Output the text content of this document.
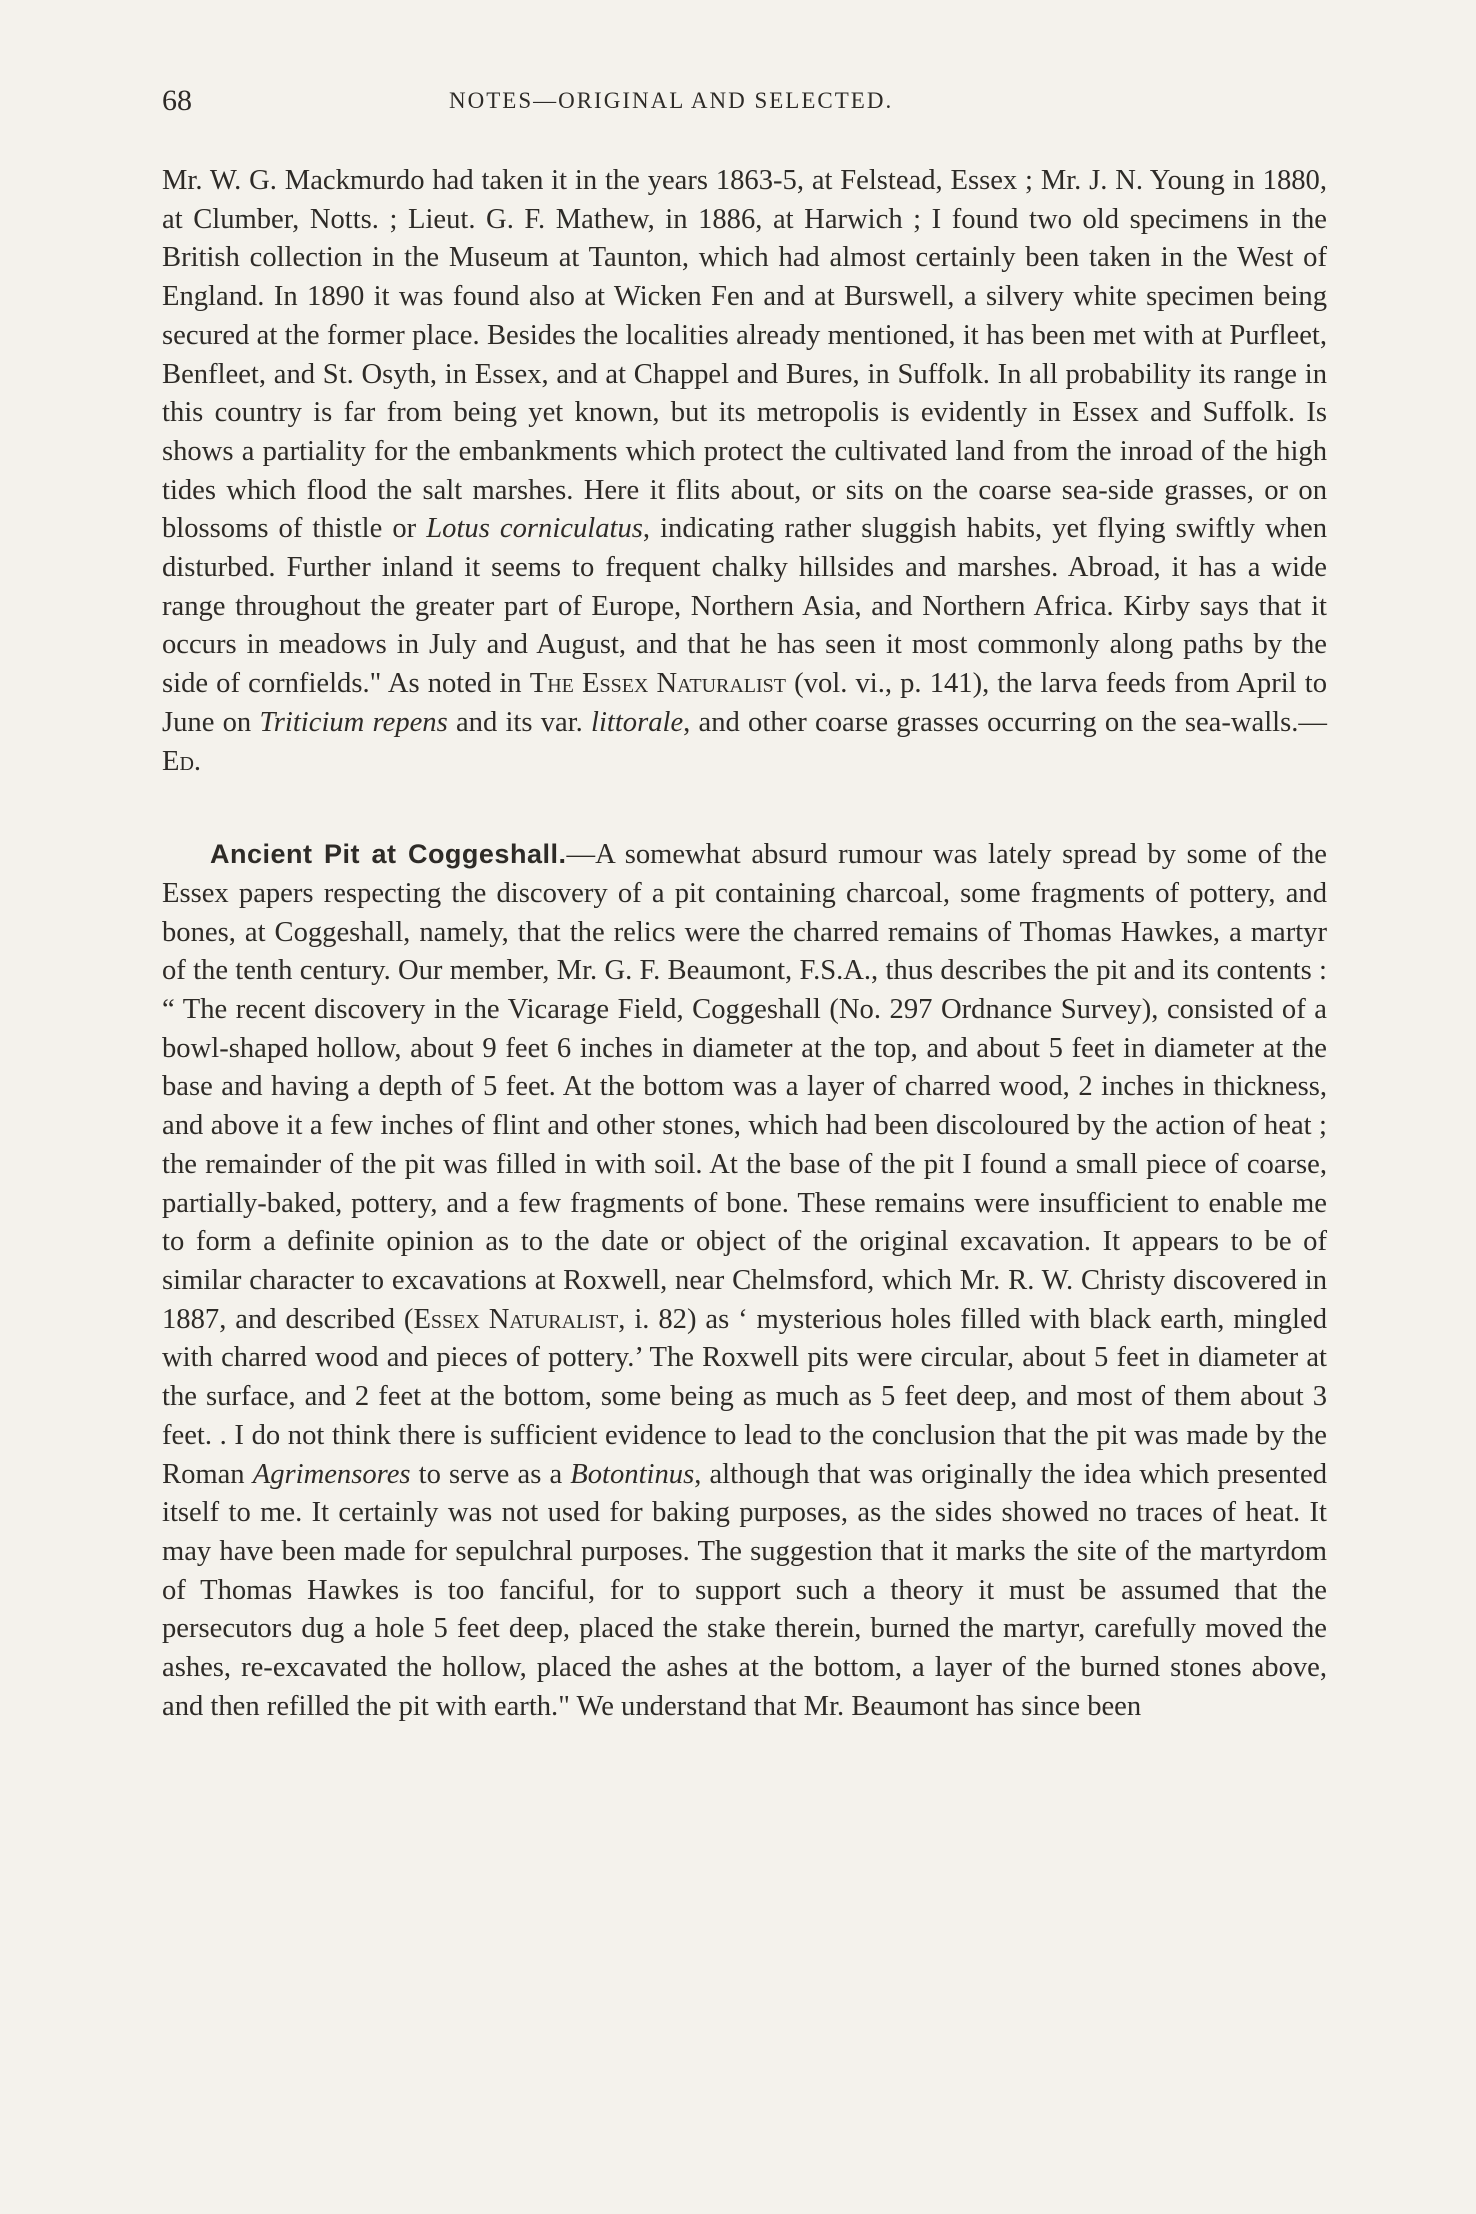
68	NOTES—ORIGINAL AND SELECTED.

Mr. W. G. Mackmurdo had taken it in the years 1863-5, at Felstead, Essex ; Mr. J. N. Young in 1880, at Clumber, Notts. ; Lieut. G. F. Mathew, in 1886, at Harwich ; I found two old specimens in the British collection in the Museum at Taunton, which had almost certainly been taken in the West of England. In 1890 it was found also at Wicken Fen and at Burswell, a silvery white specimen being secured at the former place. Besides the localities already mentioned, it has been met with at Purfleet, Benfleet, and St. Osyth, in Essex, and at Chappel and Bures, in Suffolk. In all probability its range in this country is far from being yet known, but its metropolis is evidently in Essex and Suffolk. Is shows a partiality for the embankments which protect the cultivated land from the inroad of the high tides which flood the salt marshes. Here it flits about, or sits on the coarse sea-side grasses, or on blossoms of thistle or Lotus corniculatus, indicating rather sluggish habits, yet flying swiftly when disturbed. Further inland it seems to frequent chalky hillsides and marshes. Abroad, it has a wide range throughout the greater part of Europe, Northern Asia, and Northern Africa. Kirby says that it occurs in meadows in July and August, and that he has seen it most commonly along paths by the side of cornfields." As noted in The Essex Naturalist (vol. vi., p. 141), the larva feeds from April to June on Triticium repens and its var. littorale, and other coarse grasses occurring on the sea-walls.—Ed.

Ancient Pit at Coggeshall.—A somewhat absurd rumour was lately spread by some of the Essex papers respecting the discovery of a pit containing charcoal, some fragments of pottery, and bones, at Coggeshall, namely, that the relics were the charred remains of Thomas Hawkes, a martyr of the tenth century. Our member, Mr. G. F. Beaumont, F.S.A., thus describes the pit and its contents : “ The recent discovery in the Vicarage Field, Coggeshall (No. 297 Ordnance Survey), consisted of a bowl-shaped hollow, about 9 feet 6 inches in diameter at the top, and about 5 feet in diameter at the base and having a depth of 5 feet. At the bottom was a layer of charred wood, 2 inches in thickness, and above it a few inches of flint and other stones, which had been discoloured by the action of heat ; the remainder of the pit was filled in with soil. At the base of the pit I found a small piece of coarse, partially-baked, pottery, and a few fragments of bone. These remains were insufficient to enable me to form a definite opinion as to the date or object of the original excavation. It appears to be of similar character to excavations at Roxwell, near Chelmsford, which Mr. R. W. Christy discovered in 1887, and described (Essex Naturalist, i. 82) as ‘ mysterious holes filled with black earth, mingled with charred wood and pieces of pottery.’ The Roxwell pits were circular, about 5 feet in diameter at the surface, and 2 feet at the bottom, some being as much as 5 feet deep, and most of them about 3 feet. . I do not think there is sufficient evidence to lead to the conclusion that the pit was made by the Roman Agrimensores to serve as a Botontinus, although that was originally the idea which presented itself to me. It certainly was not used for baking purposes, as the sides showed no traces of heat. It may have been made for sepulchral purposes. The suggestion that it marks the site of the martyrdom of Thomas Hawkes is too fanciful, for to support such a theory it must be assumed that the persecutors dug a hole 5 feet deep, placed the stake therein, burned the martyr, carefully moved the ashes, re-excavated the hollow, placed the ashes at the bottom, a layer of the burned stones above, and then refilled the pit with earth." We understand that Mr. Beaumont has since been
